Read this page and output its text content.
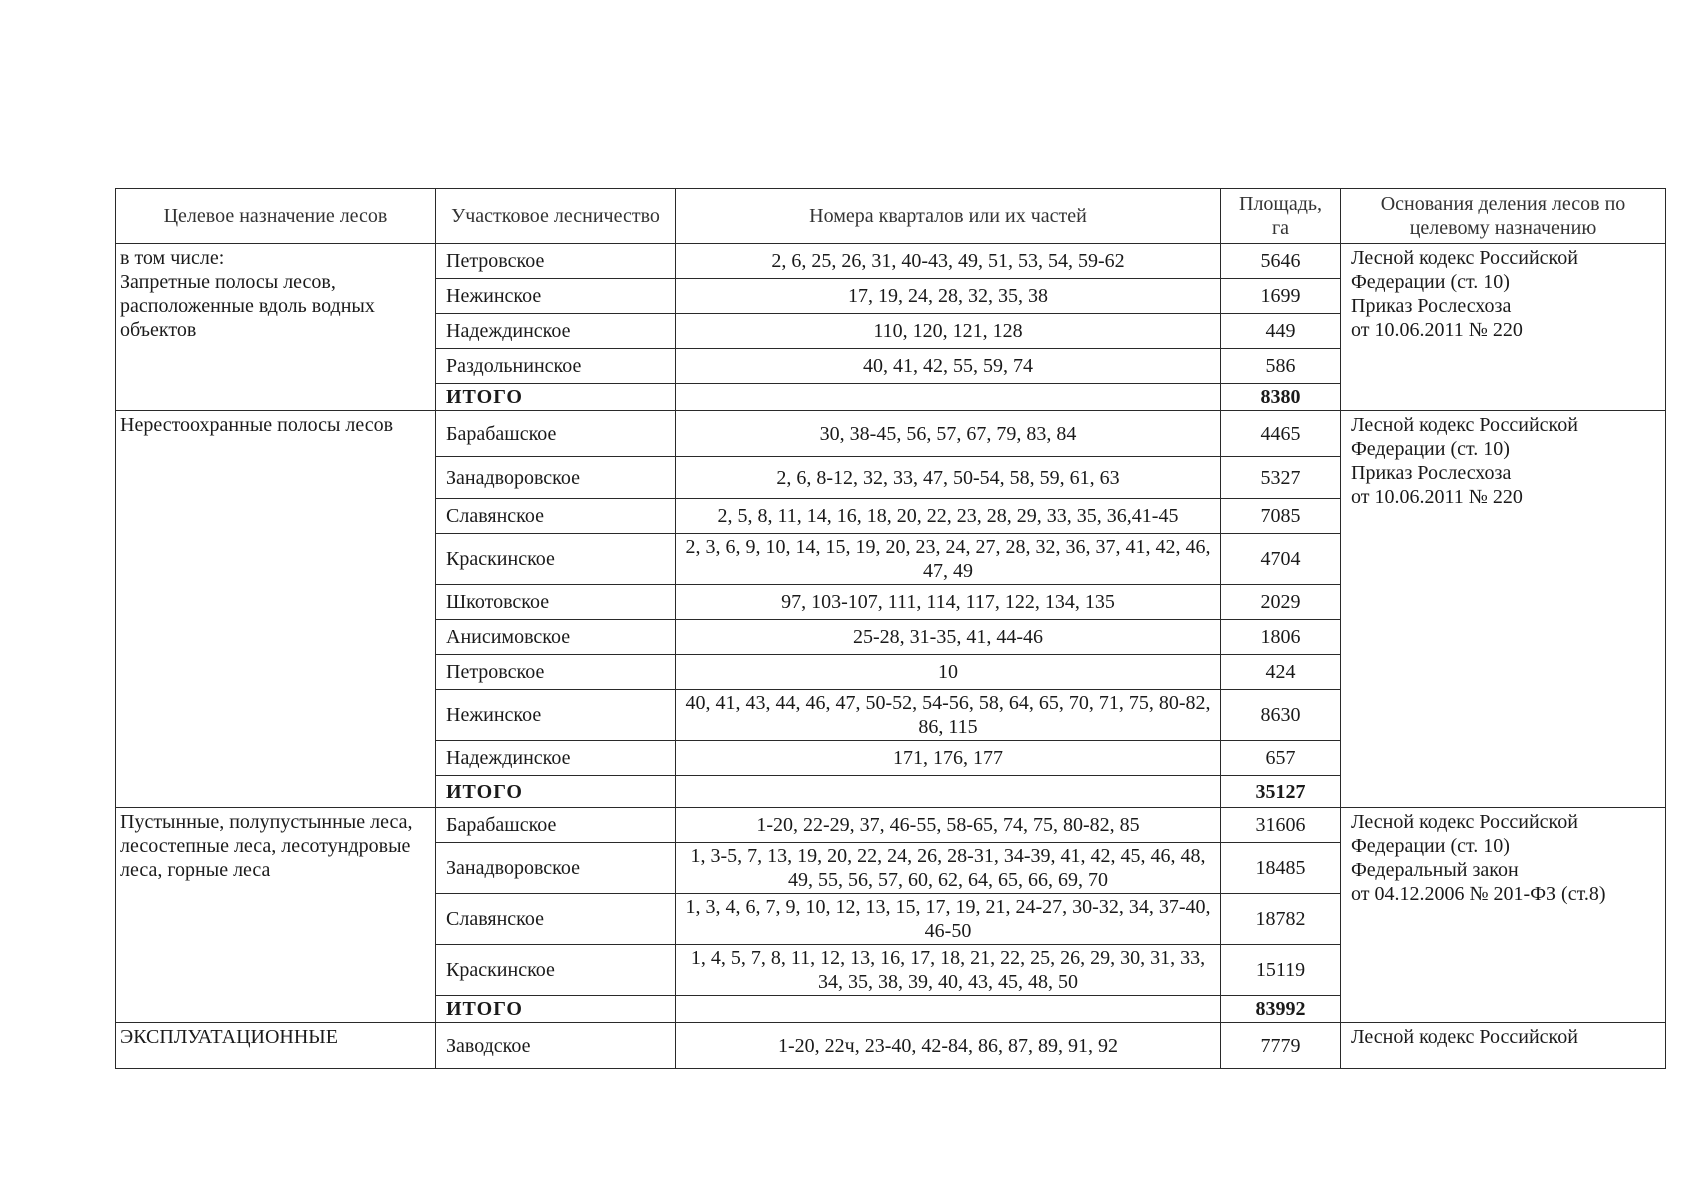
Целевое назначение лесов	Участковое лесничество	Номера кварталов или их частей	Площадь, га	Основания деления лесов по целевому назначению
в том числе:
Запретные полосы лесов, расположенные вдоль водных объектов	Петровское	2, 6, 25, 26, 31, 40-43, 49, 51, 53, 54, 59-62	5646	Лесной кодекс Российской Федерации (ст. 10)
Приказ Рослесхоза
от 10.06.2011 № 220
	Нежинское	17, 19, 24, 28, 32, 35, 38	1699	
	Надеждинское	110, 120, 121, 128	449	
	Раздольнинское	40, 41, 42, 55, 59, 74	586	
	ИТОГО		8380	
Нерестоохранные полосы лесов	Барабашское	30, 38-45, 56, 57, 67, 79, 83, 84	4465	Лесной кодекс Российской Федерации (ст. 10)
Приказ Рослесхоза
от 10.06.2011 № 220
	Занадворовское	2, 6, 8-12, 32, 33, 47, 50-54, 58, 59, 61, 63	5327	
	Славянское	2, 5, 8, 11, 14, 16, 18, 20, 22, 23, 28, 29, 33, 35, 36,41-45	7085	
	Краскинское	2, 3, 6, 9, 10, 14, 15, 19, 20, 23, 24, 27, 28, 32, 36, 37, 41, 42, 46, 47, 49	4704	
	Шкотовское	97, 103-107, 111, 114, 117, 122, 134, 135	2029	
	Анисимовское	25-28, 31-35, 41, 44-46	1806	
	Петровское	10	424	
	Нежинское	40, 41, 43, 44, 46, 47, 50-52, 54-56, 58, 64, 65, 70, 71, 75, 80-82, 86, 115	8630	
	Надеждинское	171, 176, 177	657	
	ИТОГО		35127	
Пустынные, полупустынные леса, лесостепные леса, лесотундровые леса, горные леса	Барабашское	1-20, 22-29, 37, 46-55, 58-65, 74, 75, 80-82, 85	31606	Лесной кодекс Российской Федерации (ст. 10)
Федеральный закон
от 04.12.2006 № 201-ФЗ (ст.8)
	Занадворовское	1, 3-5, 7, 13, 19, 20, 22, 24, 26, 28-31, 34-39, 41, 42, 45, 46, 48, 49, 55, 56, 57, 60, 62, 64, 65, 66, 69, 70	18485	
	Славянское	1, 3, 4, 6, 7, 9, 10, 12, 13, 15, 17, 19, 21, 24-27, 30-32, 34, 37-40, 46-50	18782	
	Краскинское	1, 4, 5, 7, 8, 11, 12, 13, 16, 17, 18, 21, 22, 25, 26, 29, 30, 31, 33, 34, 35, 38, 39, 40, 43, 45, 48, 50	15119	
	ИТОГО		83992	
ЭКСПЛУАТАЦИОННЫЕ	Заводское	1-20, 22ч, 23-40, 42-84, 86, 87, 89, 91, 92	7779	Лесной кодекс Российской
